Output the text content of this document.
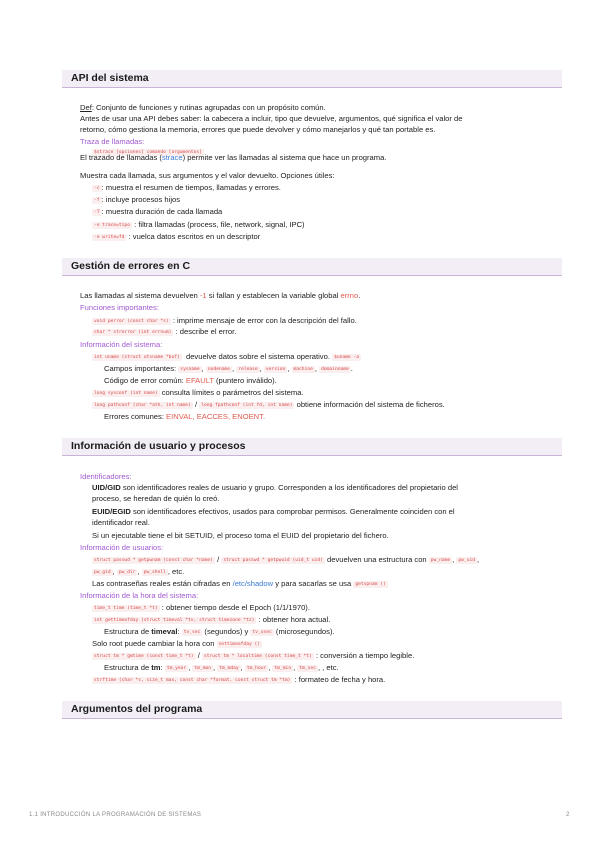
API del sistema
Def: Conjunto de funciones y rutinas agrupadas con un propósito común.
Antes de usar una API debes saber: la cabecera a incluir, tipo que devuelve, argumentos, qué significa el valor de
retorno, cómo gestiona la memoria, errores que puede devolver y cómo manejarlos y qué tan portable es.
Traza de llamadas:
$strace [opciones] comando [argumentos]
El trazado de llamadas (strace) permite ver las llamadas al sistema que hace un programa.
Muestra cada llamada, sus argumentos y el valor devuelto. Opciones útiles:
-c : muestra el resumen de tiempos, llamadas y errores.
-f : incluye procesos hijos
-T : muestra duración de cada llamada
-e trace=tipo : filtra llamadas (process, file, network, signal, IPC)
-e write=fd : vuelca datos escritos en un descriptor
Gestión de errores en C
Las llamadas al sistema devuelven -1 si fallan y establecen la variable global errno.
Funciones importantes:
void perror (const char *s) : imprime mensaje de error con la descripción del fallo.
char * strerror (int errnum) : describe el error.
Información del sistema:
int uname (struct utsname *buf) devuelve datos sobre el sistema operativo. $uname -a
Campos importantes: sysname , nodename , release , version , machine , domainname .
Código de error común: EFAULT (puntero inválido).
long sysconf (int name) consulta límites o parámetros del sistema.
long pathconf (char *ath, int name) / long fpathconf (int fd, int name) obtiene información del sistema de ficheros.
Errores comunes: EINVAL, EACCES, ENOENT.
Información de usuario y procesos
Identificadores:
UID/GID son identificadores reales de usuario y grupo. Corresponden a los identificadores del propietario del
proceso, se heredan de quién lo creó.
EUID/EGID son identificadores efectivos, usados para comprobar permisos. Generalmente coinciden con el
identificador real.
Si un ejecutable tiene el bit SETUID, el proceso toma el EUID del propietario del fichero.
Información de usuarios:
struct passwd * getpwnam (const char *name) / struct passwd * getpwuid (uid_t uid) devuelven una estructura con pw_name , pw_uid ,
pw_gid , pw_dir , pw_shell , etc.
Las contraseñas reales están cifradas en /etc/shadow y para sacarlas se usa getspnam ()
Información de la hora del sistema:
time_t time (time_t *t) : obtener tiempo desde el Epoch (1/1/1970).
int gettimeofday (struct timeval *tv, struct timezone *tz) : obtener hora actual.
Estructura de timeval: tv_sec (segundos) y tv_usec (microsegundos).
Solo root puede cambiar la hora con settimeofday ()
struct tm * gmtime (const time_t *t) / struct tm * localtime (const time_t *t) : conversión a tiempo legible.
Estructura de tm: tm_year , tm_mon , tm_mday , tm_hour , tm_min , tm_sec , , etc.
strftime (char *s, size_t max, const char *format, const struct tm *tm) : formateo de fecha y hora.
Argumentos del programa
1.1 INTRODUCCIÓN LA PROGRAMACIÓN DE SISTEMAS	2
